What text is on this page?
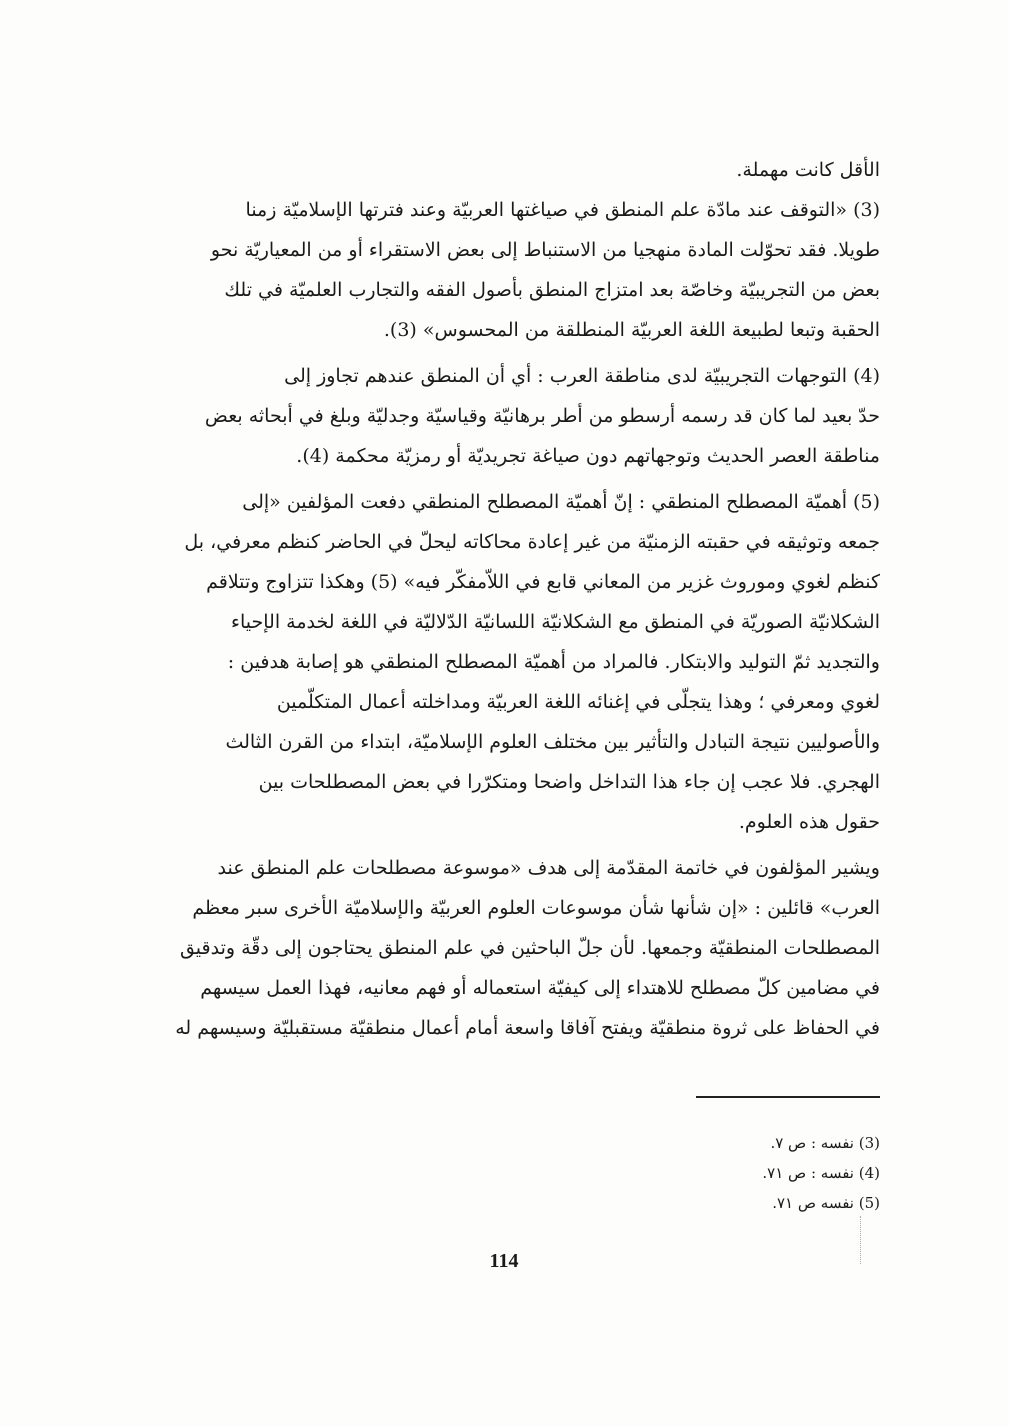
الأقل كانت مهملة.
(3) «التوقف عند مادّة علم المنطق في صياغتها العربيّة وعند فترتها الإسلاميّة زمنا
طويلا. فقد تحوّلت المادة منهجيا من الاستنباط إلى بعض الاستقراء أو من المعياريّة نحو
بعض من التجريبيّة وخاصّة بعد امتزاج المنطق بأصول الفقه والتجارب العلميّة في تلك
الحقبة وتبعا لطبيعة اللغة العربيّة المنطلقة من المحسوس» (3).
(4) التوجهات التجريبيّة لدى مناطقة العرب : أي أن المنطق عندهم تجاوز إلى
حدّ بعيد لما كان قد رسمه أرسطو من أطر برهانيّة وقياسيّة وجدليّة وبلغ في أبحاثه بعض
مناطقة العصر الحديث وتوجهاتهم دون صياغة تجريديّة أو رمزيّة محكمة (4).
(5) أهميّة المصطلح المنطقي : إنّ أهميّة المصطلح المنطقي دفعت المؤلفين «إلى
جمعه وتوثيقه في حقبته الزمنيّة من غير إعادة محاكاته ليحلّ في الحاضر كنظم معرفي، بل
كنظم لغوي وموروث غزير من المعاني قابع في اللاّمفكّر فيه» (5) وهكذا تتزاوج وتتلاقم
الشكلانيّة الصوريّة في المنطق مع الشكلانيّة اللسانيّة الدّلاليّة في اللغة لخدمة الإحياء
والتجديد ثمّ التوليد والابتكار. فالمراد من أهميّة المصطلح المنطقي هو إصابة هدفين :
لغوي ومعرفي ؛ وهذا يتجلّى في إغنائه اللغة العربيّة ومداخلته أعمال المتكلّمين
والأصوليين نتيجة التبادل والتأثير بين مختلف العلوم الإسلاميّة، ابتداء من القرن الثالث
الهجري. فلا عجب إن جاء هذا التداخل واضحا ومتكرّرا في بعض المصطلحات بين
حقول هذه العلوم.
ويشير المؤلفون في خاتمة المقدّمة إلى هدف «موسوعة مصطلحات علم المنطق عند
العرب» قائلين : «إن شأنها شأن موسوعات العلوم العربيّة والإسلاميّة الأخرى سبر معظم
المصطلحات المنطقيّة وجمعها. لأن جلّ الباحثين في علم المنطق يحتاجون إلى دقّة وتدقيق
في مضامين كلّ مصطلح للاهتداء إلى كيفيّة استعماله أو فهم معانيه، فهذا العمل سيسهم
في الحفاظ على ثروة منطقيّة ويفتح آفاقا واسعة أمام أعمال منطقيّة مستقبليّة وسيسهم له
(3) نفسه : ص ٧.
(4) نفسه : ص ٧١.
(5) نفسه ص ٧١.
114
